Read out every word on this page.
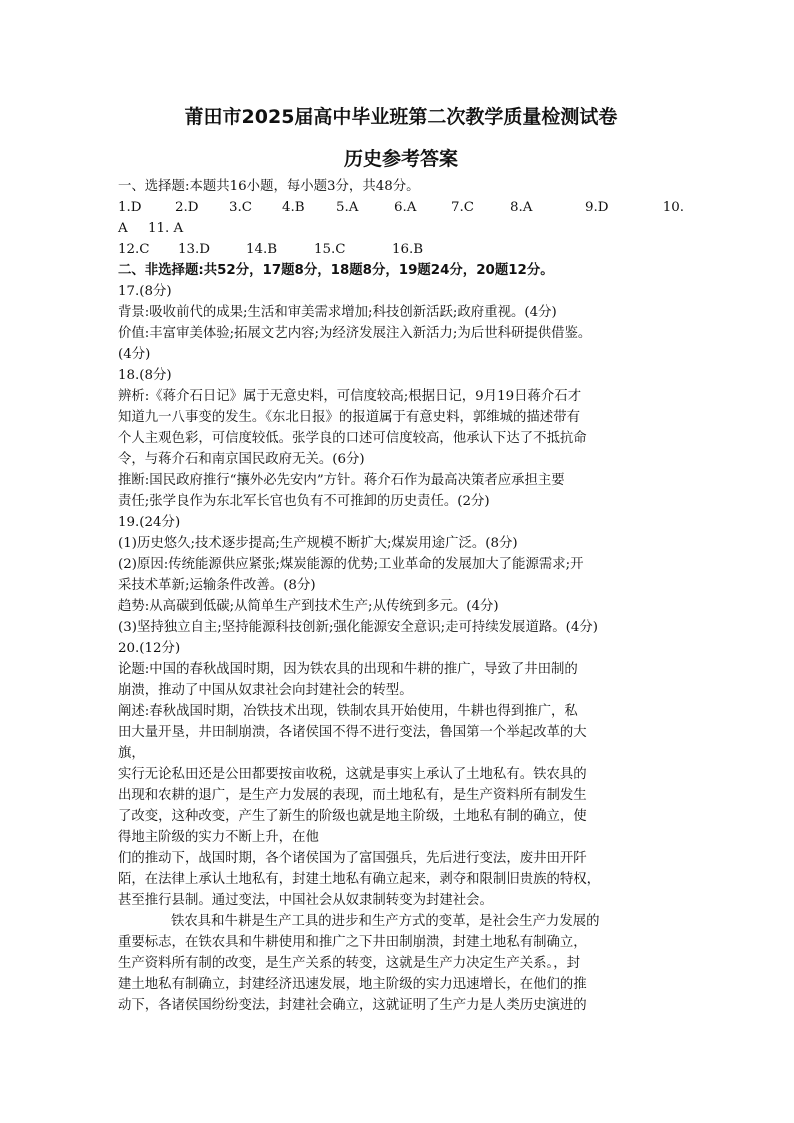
莆田市2025届高中毕业班第二次教学质量检测试卷
历史参考答案

一、选择题:本题共16小题，每小题3分，共48分。

1.D	2.D	3.C	4.B	5.A	6.A	7.C	8.A	9.D	10.
A	11. A
12.C	13.D	14.B	15.C	16.B

二、非选择题:共52分，17题8分，18题8分，19题24分，20题12分。

17.(8分)

背景:吸收前代的成果;生活和审美需求增加;科技创新活跃;政府重视。(4分)

价值:丰富审美体验;拓展文艺内容;为经济发展注入新活力;为后世科研提供借鉴。

(4分)

18.(8分)

辨析:《蒋介石日记》属于无意史料，可信度较高;根据日记，9月19日蒋介石才

知道九一八事变的发生。《东北日报》的报道属于有意史料，郭维城的描述带有

个人主观色彩，可信度较低。张学良的口述可信度较高，他承认下达了不抵抗命

令，与蒋介石和南京国民政府无关。(6分)

推断:国民政府推行“攘外必先安内”方针。蒋介石作为最高决策者应承担主要

责任;张学良作为东北军长官也负有不可推卸的历史责任。(2分)

19.(24分)

(1)历史悠久;技术逐步提高;生产规模不断扩大;煤炭用途广泛。(8分)

(2)原因:传统能源供应紧张;煤炭能源的优势;工业革命的发展加大了能源需求;开

采技术革新;运输条件改善。(8分)

趋势:从高碳到低碳;从简单生产到技术生产;从传统到多元。(4分)

(3)坚持独立自主;坚持能源科技创新;强化能源安全意识;走可持续发展道路。(4分)

20.(12分)

论题:中国的春秋战国时期，因为铁农具的出现和牛耕的推广，导致了井田制的

崩溃，推动了中国从奴隶社会向封建社会的转型。

阐述:春秋战国时期，冶铁技术出现，铁制农具开始使用，牛耕也得到推广，私

田大量开垦，井田制崩溃，各诸侯国不得不进行变法，鲁国第一个举起改革的大

旗，

实行无论私田还是公田都要按亩收税，这就是事实上承认了土地私有。铁农具的

出现和农耕的退广，是生产力发展的表现，而土地私有，是生产资料所有制发生

了改变，这种改变，产生了新生的阶级也就是地主阶级，土地私有制的确立，使

得地主阶级的实力不断上升，在他

们的推动下，战国时期，各个诸侯国为了富国强兵，先后进行变法，废井田开阡

陌，在法律上承认土地私有，封建土地私有确立起来，剥夺和限制旧贵族的特权，

甚至推行县制。通过变法，中国社会从奴隶制转变为封建社会。

铁农具和牛耕是生产工具的进步和生产方式的变革，是社会生产力发展的

重要标志，在铁农具和牛耕使用和推广之下井田制崩溃，封建土地私有制确立，

生产资料所有制的改变，是生产关系的转变，这就是生产力决定生产关系。，封

建土地私有制确立，封建经济迅速发展，地主阶级的实力迅速增长，在他们的推

动下，各诸侯国纷纷变法，封建社会确立，这就证明了生产力是人类历史演进的
